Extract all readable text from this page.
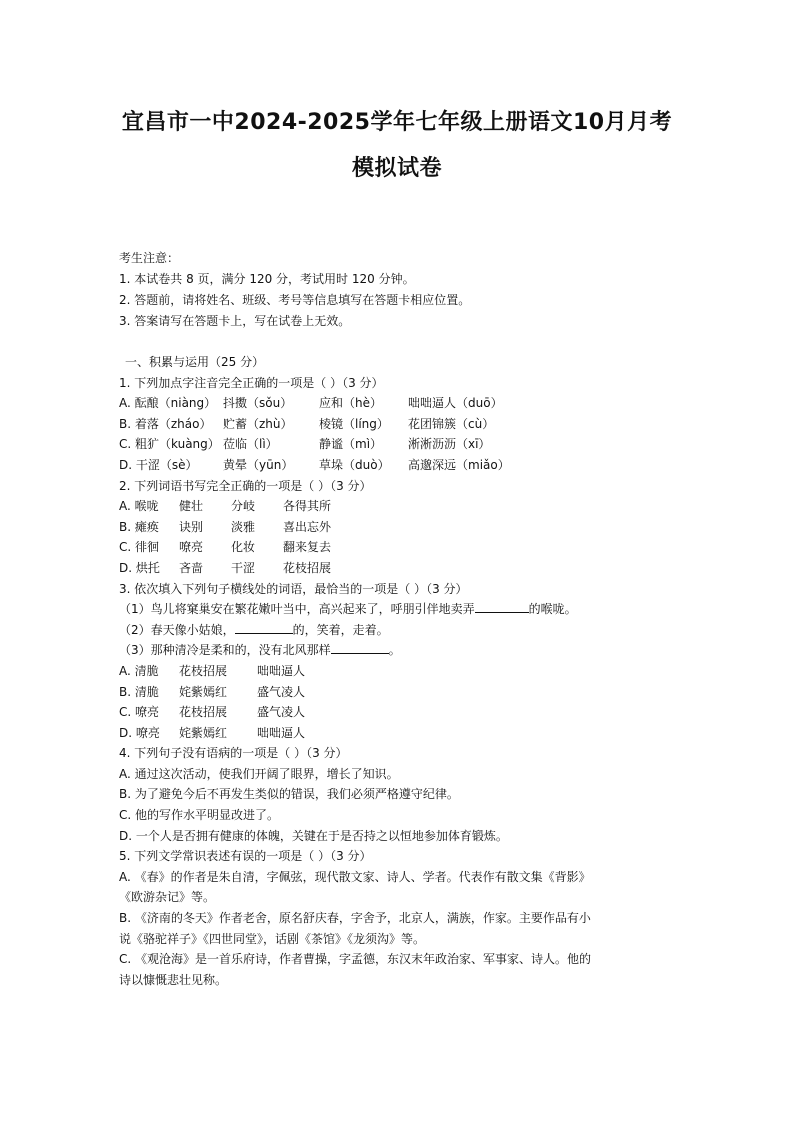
宜昌市一中2024-2025学年七年级上册语文10月月考
模拟试卷
考生注意：
1. 本试卷共 8 页，满分 120 分，考试用时 120 分钟。
2. 答题前，请将姓名、班级、考号等信息填写在答题卡相应位置。
3. 答案请写在答题卡上，写在试卷上无效。
一、积累与运用（25 分）
1. 下列加点字注音完全正确的一项是（ ）（3 分）
A. 酝酿（niàng） 抖擞（sǒu） 应和（hè） 咄咄逼人（duō）
B. 着落（zháo） 贮蓄（zhù） 棱镜（líng） 花团锦簇（cù）
C. 粗犷（kuàng） 莅临（lì）	静谧（mì） 淅淅沥沥（xī）
D. 干涩（sè） 黄晕（yūn） 草垛（duò） 高邈深远（miǎo）
2. 下列词语书写完全正确的一项是（ ）（3 分）
A. 喉咙 健壮 分岐 各得其所
B. 瘫痪 诀别 淡雅 喜出忘外
C. 徘徊 嘹亮 化妆 翻来复去
D. 烘托 吝啬 干涩 花枝招展
3. 依次填入下列句子横线处的词语，最恰当的一项是（ ）（3 分）
（1）鸟儿将窠巢安在繁花嫩叶当中，高兴起来了，呼朋引伴地卖弄	的喉咙。
（2）春天像小姑娘，	的，笑着，走着。
（3）那种清冷是柔和的，没有北风那样	。
A. 清脆 花枝招展 咄咄逼人
B. 清脆 姹紫嫣红 盛气凌人
C. 嘹亮 花枝招展 盛气凌人
D. 嘹亮 姹紫嫣红 咄咄逼人
4. 下列句子没有语病的一项是（ ）（3 分）
A. 通过这次活动，使我们开阔了眼界，增长了知识。
B. 为了避免今后不再发生类似的错误，我们必须严格遵守纪律。
C. 他的写作水平明显改进了。
D. 一个人是否拥有健康的体魄，关键在于是否持之以恒地参加体育锻炼。
5. 下列文学常识表述有误的一项是（ ）（3 分）
A. 《春》的作者是朱自清，字佩弦，现代散文家、诗人、学者。代表作有散文集《背影》
《欧游杂记》等。
B. 《济南的冬天》作者老舍，原名舒庆春，字舍予，北京人，满族，作家。主要作品有小
说《骆驼祥子》《四世同堂》，话剧《茶馆》《龙须沟》等。
C. 《观沧海》是一首乐府诗，作者曹操，字孟德，东汉末年政治家、军事家、诗人。他的
诗以慷慨悲壮见称。
